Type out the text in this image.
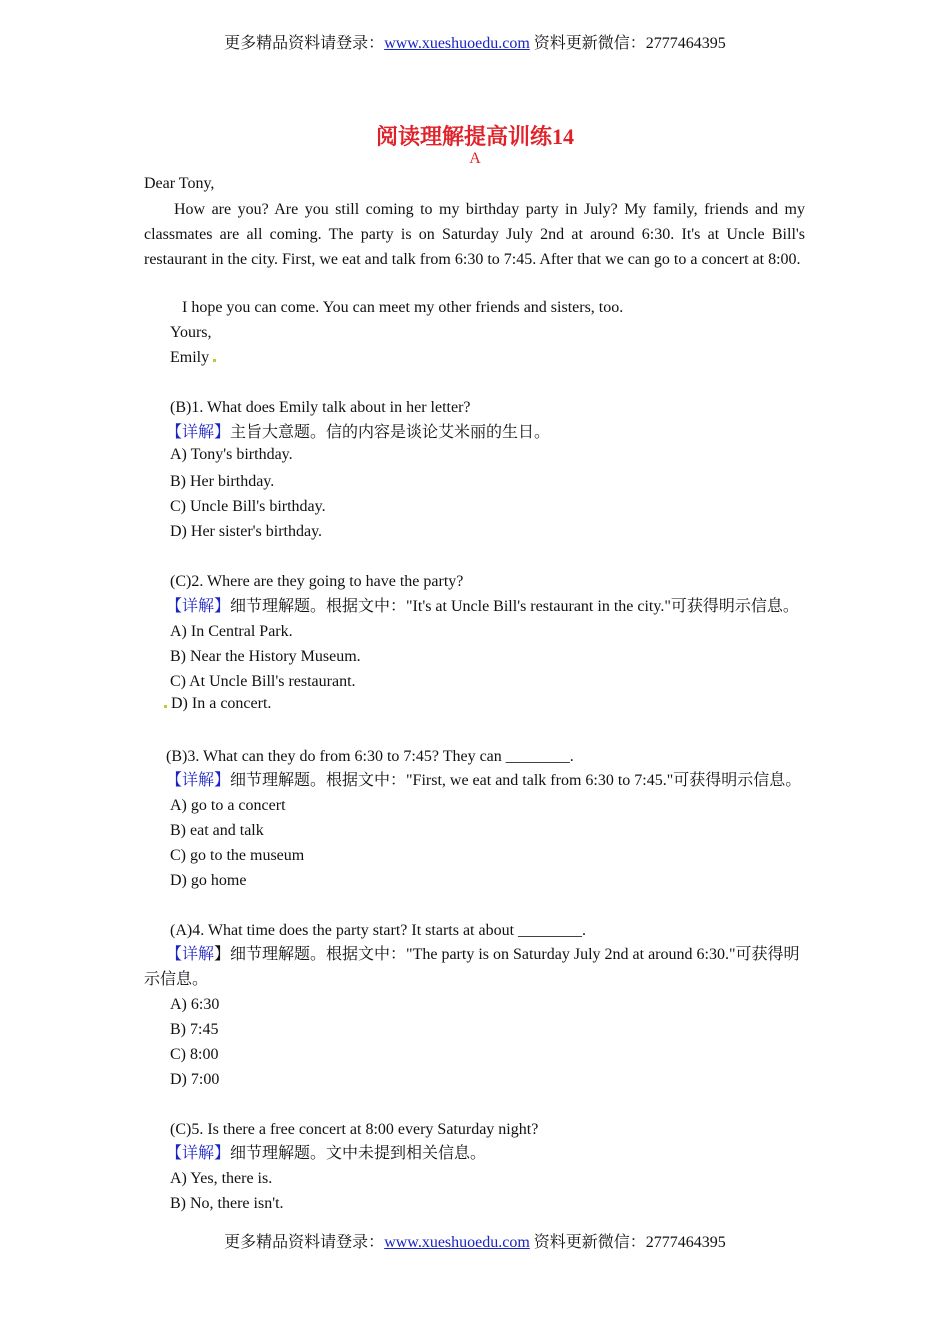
更多精品资料请登录：www.xueshuoedu.com 资料更新微信：2777464395
阅读理解提高训练14
A
Dear Tony,
How are you? Are you still coming to my birthday party in July? My family, friends and my classmates are all coming. The party is on Saturday July 2nd at around 6:30. It's at Uncle Bill's restaurant in the city. First, we eat and talk from 6:30 to 7:45. After that we can go to a concert at 8:00.
I hope you can come. You can meet my other friends and sisters, too.
Yours,
Emily
(B)1. What does Emily talk about in her letter?
【详解】主旨大意题。信的内容是谈论艾米丽的生日。
A) Tony's birthday.
B) Her birthday.
C) Uncle Bill's birthday.
D) Her sister's birthday.
(C)2. Where are they going to have the party?
【详解】细节理解题。根据文中："It's at Uncle Bill's restaurant in the city."可获得明示信息。
A) In Central Park.
B) Near the History Museum.
C) At Uncle Bill's restaurant.
D) In a concert.
(B)3. What can they do from 6:30 to 7:45? They can ________.
【详解】细节理解题。根据文中："First, we eat and talk from 6:30 to 7:45."可获得明示信息。
A) go to a concert
B) eat and talk
C) go to the museum
D) go home
(A)4. What time does the party start? It starts at about ________.
【详解】细节理解题。根据文中："The party is on Saturday July 2nd at around 6:30."可获得明
示信息。
A) 6:30
B) 7:45
C) 8:00
D) 7:00
(C)5. Is there a free concert at 8:00 every Saturday night?
【详解】细节理解题。文中未提到相关信息。
A) Yes, there is.
B) No, there isn't.
更多精品资料请登录：www.xueshuoedu.com 资料更新微信：2777464395
